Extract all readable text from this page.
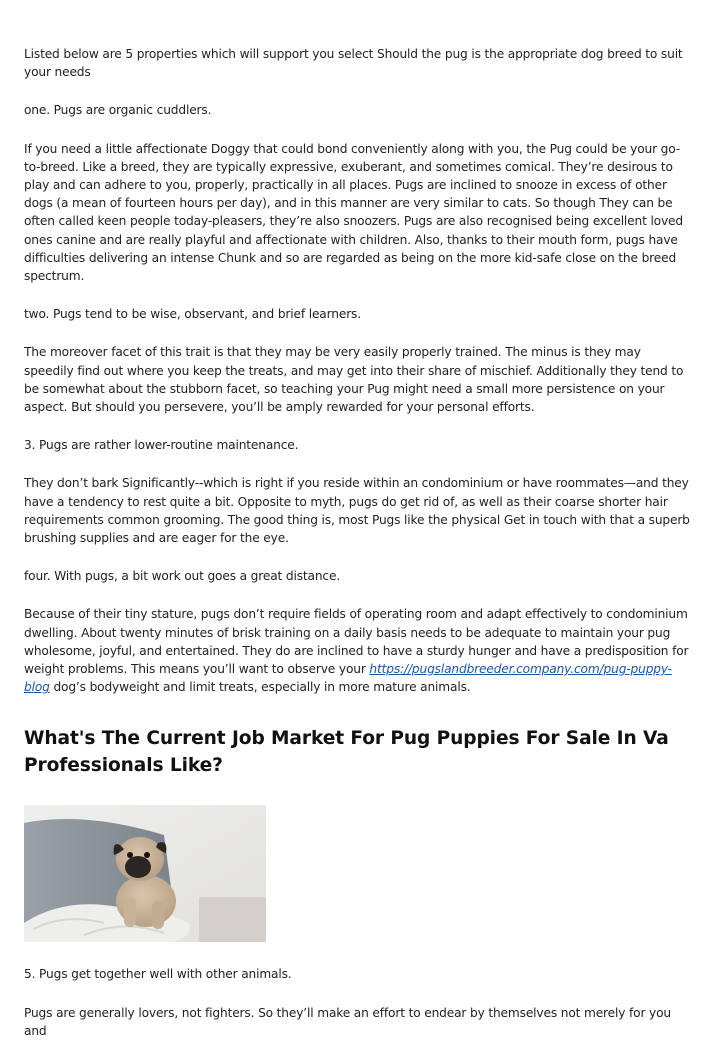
Listed below are 5 properties which will support you select Should the pug is the appropriate dog breed to suit your needs

one. Pugs are organic cuddlers.

If you need a little affectionate Doggy that could bond conveniently along with you, the Pug could be your go-to-breed. Like a breed, they are typically expressive, exuberant, and sometimes comical. They’re desirous to play and can adhere to you, properly, practically in all places. Pugs are inclined to snooze in excess of other dogs (a mean of fourteen hours per day), and in this manner are very similar to cats. So though They can be often called keen people today-pleasers, they’re also snoozers. Pugs are also recognised being excellent loved ones canine and are really playful and affectionate with children. Also, thanks to their mouth form, pugs have difficulties delivering an intense Chunk and so are regarded as being on the more kid-safe close on the breed spectrum.

two. Pugs tend to be wise, observant, and brief learners.

The moreover facet of this trait is that they may be very easily properly trained. The minus is they may speedily find out where you keep the treats, and may get into their share of mischief. Additionally they tend to be somewhat about the stubborn facet, so teaching your Pug might need a small more persistence on your aspect. But should you persevere, you’ll be amply rewarded for your personal efforts.

3. Pugs are rather lower-routine maintenance.

They don’t bark Significantly--which is right if you reside within an condominium or have roommates—and they have a tendency to rest quite a bit. Opposite to myth, pugs do get rid of, as well as their coarse shorter hair requirements common grooming. The good thing is, most Pugs like the physical Get in touch with that a superb brushing supplies and are eager for the eye.

four. With pugs, a bit work out goes a great distance.

Because of their tiny stature, pugs don’t require fields of operating room and adapt effectively to condominium dwelling. About twenty minutes of brisk training on a daily basis needs to be adequate to maintain your pug wholesome, joyful, and entertained. They do are inclined to have a sturdy hunger and have a predisposition for weight problems. This means you’ll want to observe your https://pugslandbreeder.company.com/pug-puppy-blog dog’s bodyweight and limit treats, especially in more mature animals.

What's The Current Job Market For Pug Puppies For Sale In Va Professionals Like?

5. Pugs get together well with other animals.

Pugs are generally lovers, not fighters. So they’ll make an effort to endear by themselves not merely for you and
